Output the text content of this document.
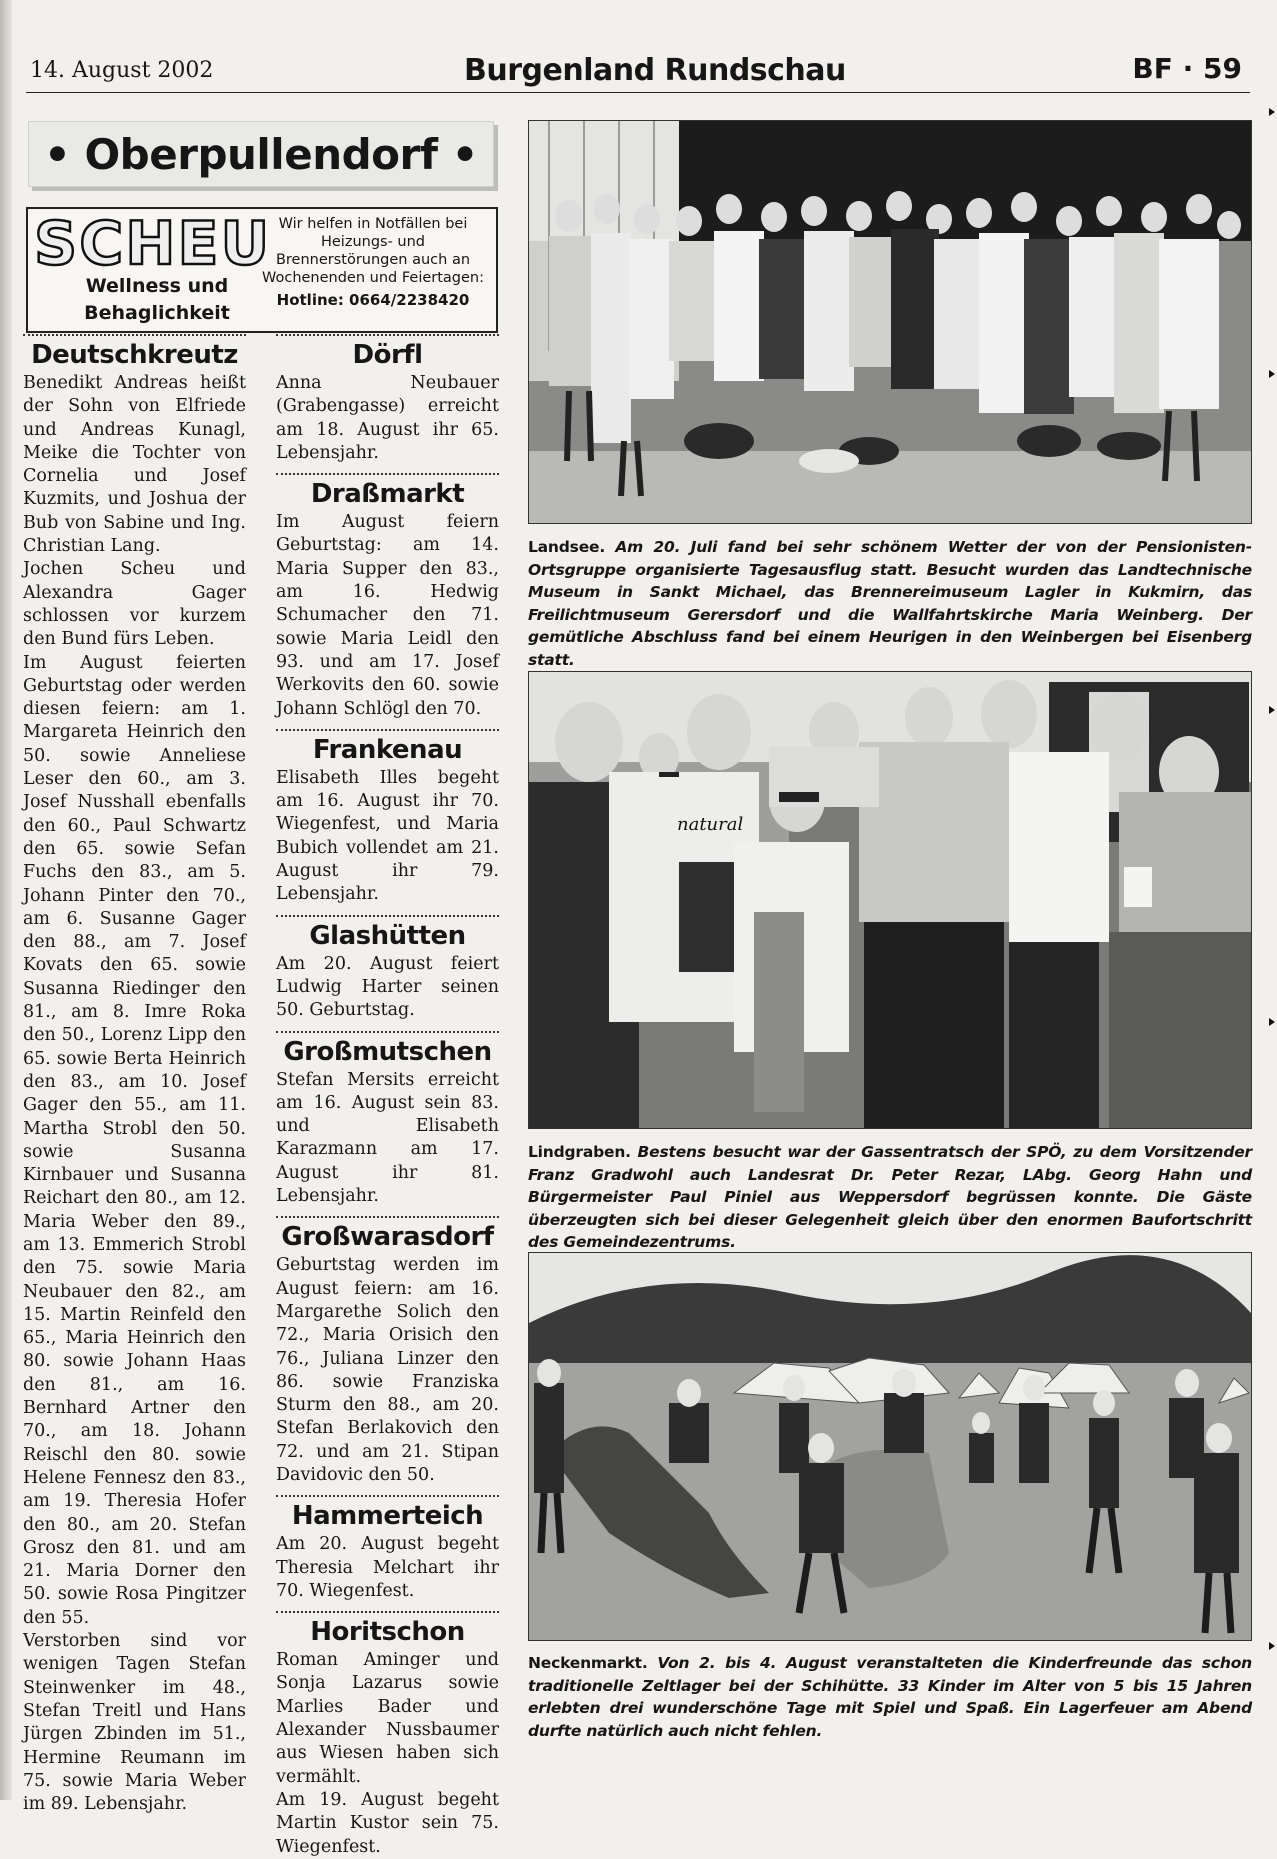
14. August 2002	Burgenland Rundschau	BF · 59
• Oberpullendorf •
SCHEU
Wellness und Behaglichkeit
Wir helfen in Notfällen bei Heizungs- und Brennerstörungen auch an Wochenenden und Feiertagen:
Hotline: 0664/2238420
Deutschkreutz

Benedikt Andreas heißt der Sohn von Elfriede und Andreas Kunagl, Meike die Tochter von Cornelia und Josef Kuzmits, und Joshua der Bub von Sabine und Ing. Christian Lang.

Jochen Scheu und Alexandra Gager schlossen vor kurzem den Bund fürs Leben.

Im August feierten Geburtstag oder werden diesen feiern: am 1. Margareta Heinrich den 50. sowie Anneliese Leser den 60., am 3. Josef Nusshall ebenfalls den 60., Paul Schwartz den 65. sowie Sefan Fuchs den 83., am 5. Johann Pinter den 70., am 6. Susanne Gager den 88., am 7. Josef Kovats den 65. sowie Susanna Riedinger den 81., am 8. Imre Roka den 50., Lorenz Lipp den 65. sowie Berta Heinrich den 83., am 10. Josef Gager den 55., am 11. Martha Strobl den 50. sowie Susanna Kirnbauer und Susanna Reichart den 80., am 12. Maria Weber den 89., am 13. Emmerich Strobl den 75. sowie Maria Neubauer den 82., am 15. Martin Reinfeld den 65., Maria Heinrich den 80. sowie Johann Haas den 81., am 16. Bernhard Artner den 70., am 18. Johann Reischl den 80. sowie Helene Fennesz den 83., am 19. Theresia Hofer den 80., am 20. Stefan Grosz den 81. und am 21. Maria Dorner den 50. sowie Rosa Pingitzer den 55.

Verstorben sind vor wenigen Tagen Stefan Steinwenker im 48., Stefan Treitl und Hans Jürgen Zbinden im 51., Hermine Reumann im 75. sowie Maria Weber im 89. Lebensjahr.

Dörfl

Anna Neubauer (Grabengasse) erreicht am 18. August ihr 65. Lebensjahr.

Draßmarkt

Im August feiern Geburtstag: am 14. Maria Supper den 83., am 16. Hedwig Schumacher den 71. sowie Maria Leidl den 93. und am 17. Josef Werkovits den 60. sowie Johann Schlögl den 70.

Frankenau

Elisabeth Illes begeht am 16. August ihr 70. Wiegenfest, und Maria Bubich vollendet am 21. August ihr 79. Lebensjahr.

Glashütten

Am 20. August feiert Ludwig Harter seinen 50. Geburtstag.

Großmutschen

Stefan Mersits erreicht am 16. August sein 83. und Elisabeth Karazmann am 17. August ihr 81. Lebensjahr.

Großwarasdorf

Geburtstag werden im August feiern: am 16. Margarethe Solich den 72., Maria Orisich den 76., Juliana Linzer den 86. sowie Franziska Sturm den 88., am 20. Stefan Berlakovich den 72. und am 21. Stipan Davidovic den 50.

Hammerteich

Am 20. August begeht Theresia Melchart ihr 70. Wiegenfest.

Horitschon

Roman Aminger und Sonja Lazarus sowie Marlies Bader und Alexander Nussbaumer aus Wiesen haben sich vermählt.

Am 19. August begeht Martin Kustor sein 75. Wiegenfest.

Landsee. Am 20. Juli fand bei sehr schönem Wetter der von der Pensionisten-Ortsgruppe organisierte Tagesausflug statt. Besucht wurden das Landtechnische Museum in Sankt Michael, das Brennereimuseum Lagler in Kukmirn, das Freilichtmuseum Gerersdorf und die Wallfahrtskirche Maria Weinberg. Der gemütliche Abschluss fand bei einem Heurigen in den Weinbergen bei Eisenberg statt.
natural
Lindgraben. Bestens besucht war der Gassentratsch der SPÖ, zu dem Vorsitzender Franz Gradwohl auch Landesrat Dr. Peter Rezar, LAbg. Georg Hahn und Bürgermeister Paul Piniel aus Weppersdorf begrüssen konnte. Die Gäste überzeugten sich bei dieser Gelegenheit gleich über den enormen Baufortschritt des Gemeindezentrums.
Neckenmarkt. Von 2. bis 4. August veranstalteten die Kinderfreunde das schon traditionelle Zeltlager bei der Schihütte. 33 Kinder im Alter von 5 bis 15 Jahren erlebten drei wunderschöne Tage mit Spiel und Spaß. Ein Lagerfeuer am Abend durfte natürlich auch nicht fehlen.
